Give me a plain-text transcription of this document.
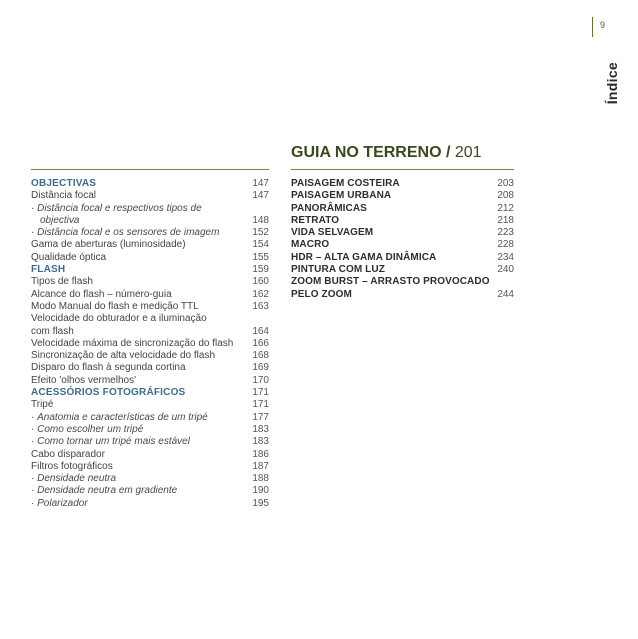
9
Índice
GUIA NO TERRENO / 201
OBJECTIVAS	147
Distância focal	147
· Distância focal e respectivos tipos de
objectiva	148
· Distância focal e os sensores de imagem	152
Gama de aberturas (luminosidade)	154
Qualidade óptica	155
FLASH	159
Tipos de flash	160
Alcance do flash – número-guia	162
Modo Manual do flash e medição TTL	163
Velocidade do obturador e a iluminação
com flash	164
Velocidade máxima de sincronização do flash 166
Sincronização de alta velocidade do flash	168
Disparo do flash à segunda cortina	169
Efeito 'olhos vermelhos'	170
ACESSÓRIOS FOTOGRÁFICOS	171
Tripé	171
· Anatomia e características de um tripé	177
· Como escolher um tripé	183
· Como tornar um tripé mais estável	183
Cabo disparador	186
Filtros fotográficos	187
· Densidade neutra	188
· Densidade neutra em gradiente	190
· Polarizador	195
PAISAGEM COSTEIRA	203
PAISAGEM URBANA	208
PANORÂMICAS	212
RETRATO	218
VIDA SELVAGEM	223
MACRO	228
HDR – ALTA GAMA DINÂMICA	234
PINTURA COM LUZ	240
ZOOM BURST – ARRASTO PROVOCADO
PELO ZOOM	244
